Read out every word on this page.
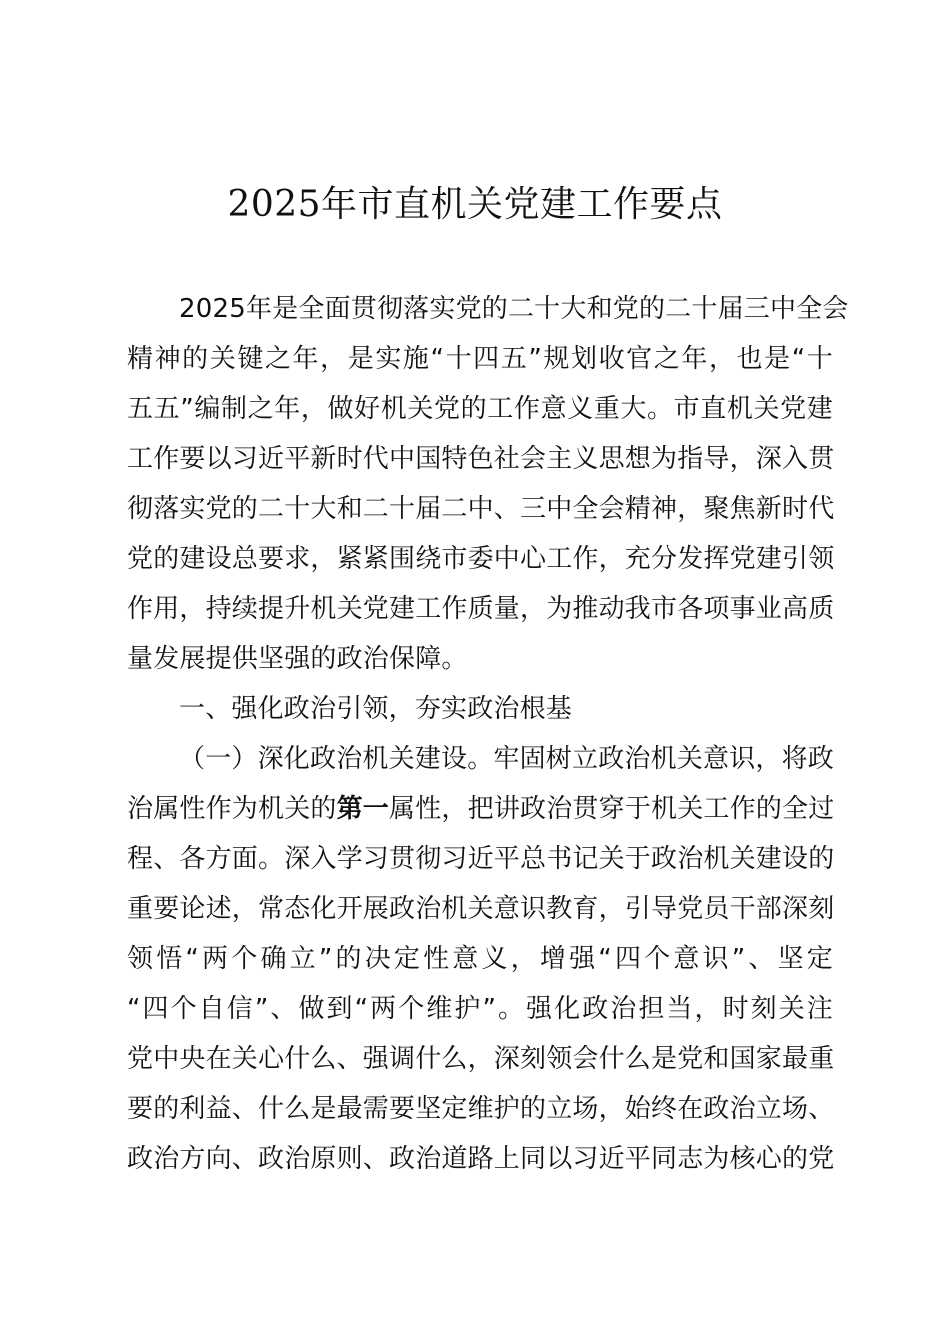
2025年市直机关党建工作要点
2025年是全面贯彻落实党的二十大和党的二十届三中全会
精神的关键之年，是实施“十四五”规划收官之年，也是“十
五五”编制之年，做好机关党的工作意义重大。市直机关党建
工作要以习近平新时代中国特色社会主义思想为指导，深入贯
彻落实党的二十大和二十届二中、三中全会精神，聚焦新时代
党的建设总要求，紧紧围绕市委中心工作，充分发挥党建引领
作用，持续提升机关党建工作质量，为推动我市各项事业高质
量发展提供坚强的政治保障。
一、强化政治引领，夯实政治根基
（一）深化政治机关建设。牢固树立政治机关意识，将政
治属性作为机关的第一属性，把讲政治贯穿于机关工作的全过
程、各方面。深入学习贯彻习近平总书记关于政治机关建设的
重要论述，常态化开展政治机关意识教育，引导党员干部深刻
领悟“两个确立”的决定性意义，增强“四个意识”、坚定
“四个自信”、做到“两个维护”。强化政治担当，时刻关注
党中央在关心什么、强调什么，深刻领会什么是党和国家最重
要的利益、什么是最需要坚定维护的立场，始终在政治立场、
政治方向、政治原则、政治道路上同以习近平同志为核心的党
